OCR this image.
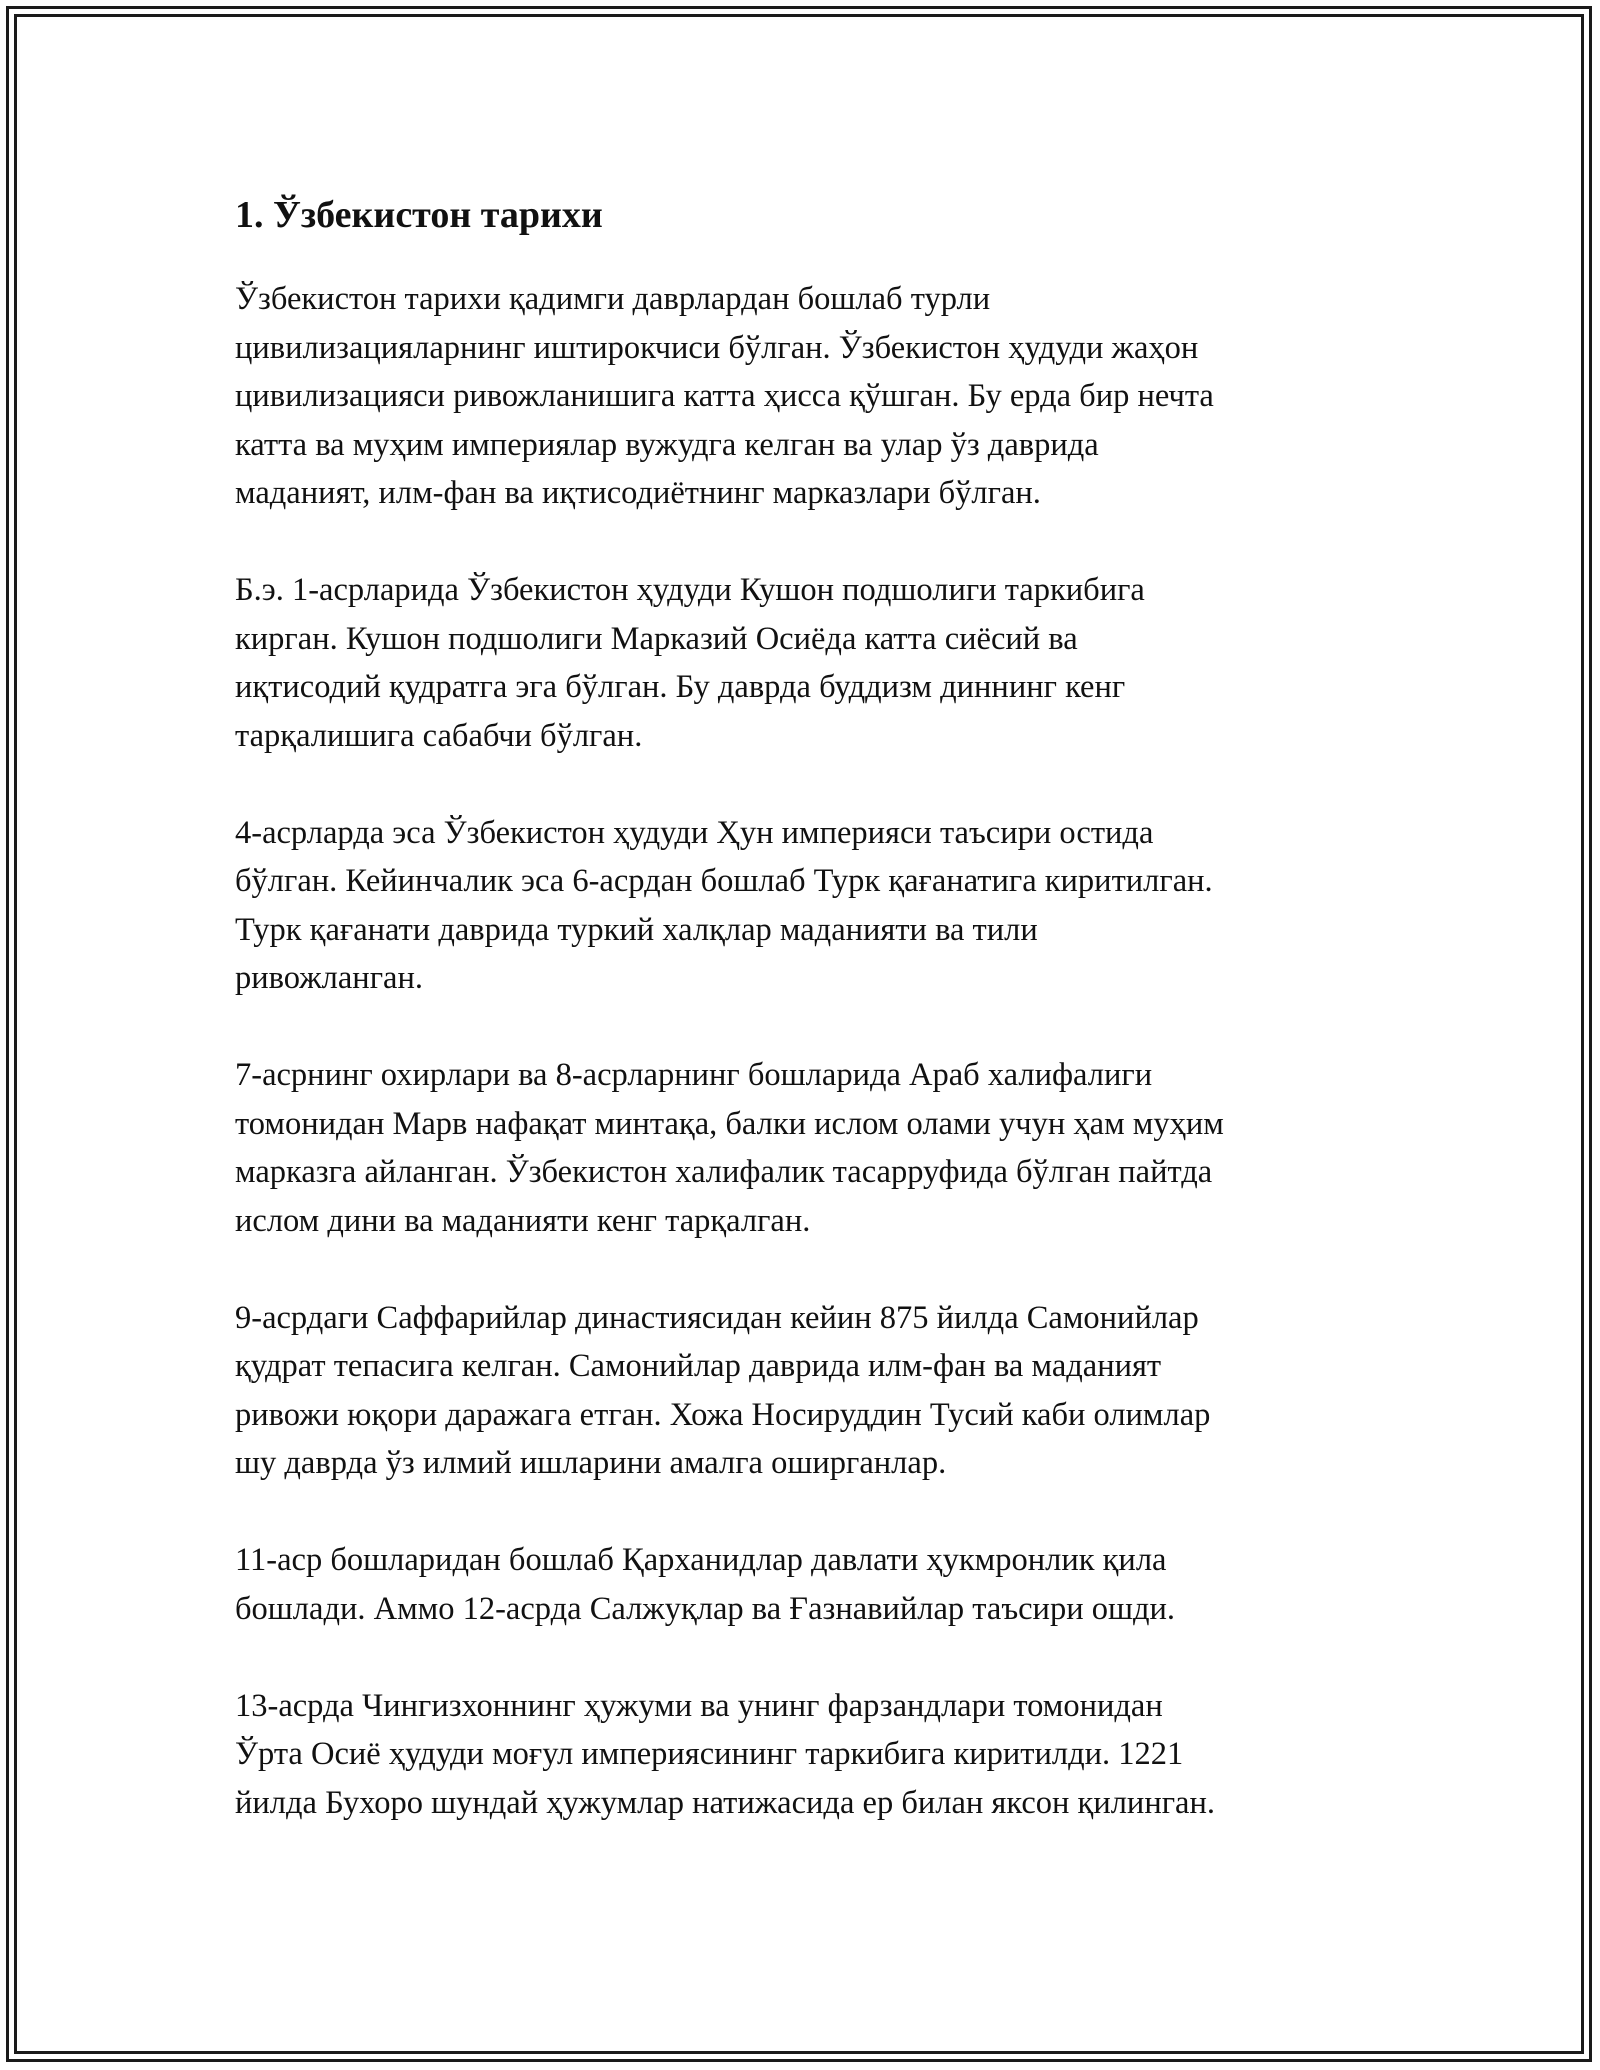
1. Ўзбекистон тарихи

Ўзбекистон тарихи қадимги даврлардан бошлаб турли
цивилизацияларнинг иштирокчиси бўлган. Ўзбекистон ҳудуди жаҳон
цивилизацияси ривожланишига катта ҳисса қўшган. Бу ерда бир нечта
катта ва муҳим империялар вужудга келган ва улар ўз даврида
маданият, илм-фан ва иқтисодиётнинг марказлари бўлган.

Б.э. 1-асрларида Ўзбекистон ҳудуди Кушон подшолиги таркибига
кирган. Кушон подшолиги Марказий Осиёда катта сиёсий ва
иқтисодий қудратга эга бўлган. Бу даврда буддизм диннинг кенг
тарқалишига сабабчи бўлган.

4-асрларда эса Ўзбекистон ҳудуди Ҳун империяси таъсири остида
бўлган. Кейинчалик эса 6-асрдан бошлаб Турк қағанатига киритилган.
Турк қағанати даврида туркий халқлар маданияти ва тили
ривожланган.

7-асрнинг охирлари ва 8-асрларнинг бошларида Араб халифалиги
томонидан Марв нафақат минтақа, балки ислом олами учун ҳам муҳим
марказга айланган. Ўзбекистон халифалик тасарруфида бўлган пайтда
ислом дини ва маданияти кенг тарқалган.

9-асрдаги Саффарийлар династиясидан кейин 875 йилда Самонийлар
қудрат тепасига келган. Самонийлар даврида илм-фан ва маданият
ривожи юқори даражага етган. Хожа Носируддин Тусий каби олимлар
шу даврда ўз илмий ишларини амалга оширганлар.

11-аср бошларидан бошлаб Қарханидлар давлати ҳукмронлик қила
бошлади. Аммо 12-асрда Салжуқлар ва Ғазнавийлар таъсири ошди.

13-асрда Чингизхоннинг ҳужуми ва унинг фарзандлари томонидан
Ўрта Осиё ҳудуди моғул империясининг таркибига киритилди. 1221
йилда Бухоро шундай ҳужумлар натижасида ер билан яксон қилинган.
